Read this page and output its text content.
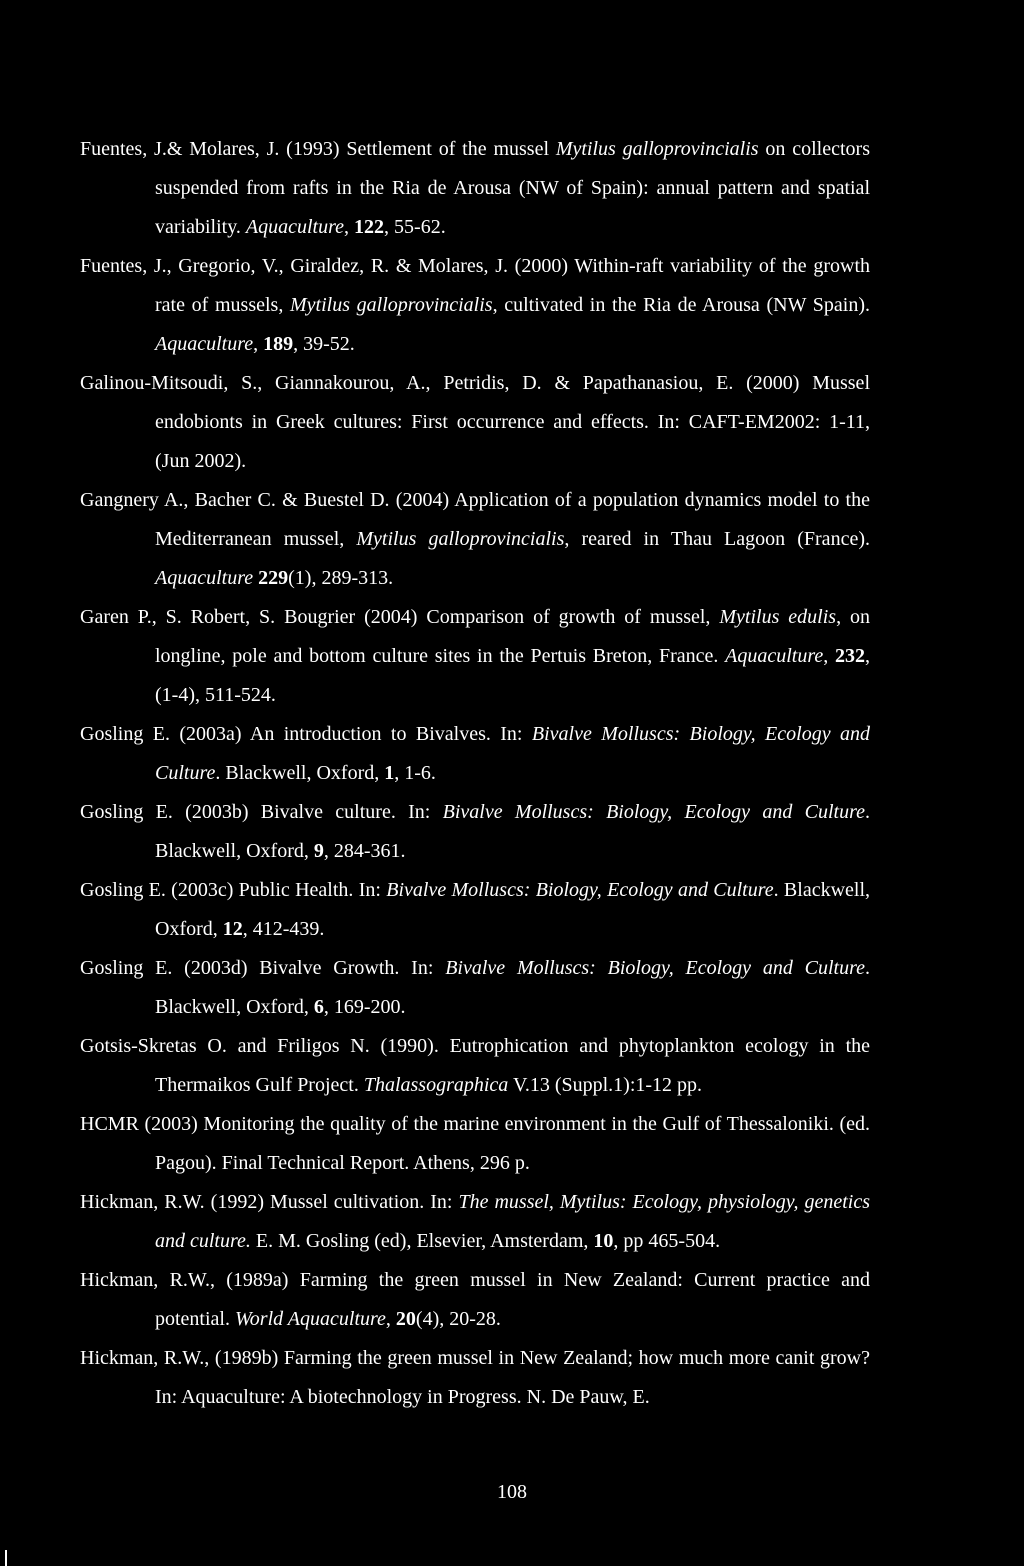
Fuentes, J.& Molares, J. (1993) Settlement of the mussel Mytilus galloprovincialis on collectors suspended from rafts in the Ria de Arousa (NW of Spain): annual pattern and spatial variability. Aquaculture, 122, 55-62.

Fuentes, J., Gregorio, V., Giraldez, R. & Molares, J. (2000) Within-raft variability of the growth rate of mussels, Mytilus galloprovincialis, cultivated in the Ria de Arousa (NW Spain). Aquaculture, 189, 39-52.

Galinou-Mitsoudi, S., Giannakourou, A., Petridis, D. & Papathanasiou, E. (2000) Mussel endobionts in Greek cultures: First occurrence and effects. In: CAFT-EM2002: 1-11, (Jun 2002).

Gangnery A., Bacher C. & Buestel D. (2004) Application of a population dynamics model to the Mediterranean mussel, Mytilus galloprovincialis, reared in Thau Lagoon (France). Aquaculture 229(1), 289-313.

Garen P., S. Robert, S. Bougrier (2004) Comparison of growth of mussel, Mytilus edulis, on longline, pole and bottom culture sites in the Pertuis Breton, France. Aquaculture, 232, (1-4), 511-524.

Gosling E. (2003a) An introduction to Bivalves. In: Bivalve Molluscs: Biology, Ecology and Culture. Blackwell, Oxford, 1, 1-6.

Gosling E. (2003b) Bivalve culture. In: Bivalve Molluscs: Biology, Ecology and Culture. Blackwell, Oxford, 9, 284-361.

Gosling E. (2003c) Public Health. In: Bivalve Molluscs: Biology, Ecology and Culture. Blackwell, Oxford, 12, 412-439.

Gosling E. (2003d) Bivalve Growth. In: Bivalve Molluscs: Biology, Ecology and Culture. Blackwell, Oxford, 6, 169-200.

Gotsis-Skretas O. and Friligos N. (1990). Eutrophication and phytoplankton ecology in the Thermaikos Gulf Project. Thalassographica V.13 (Suppl.1):1-12 pp.

HCMR (2003) Monitoring the quality of the marine environment in the Gulf of Thessaloniki. (ed. Pagou). Final Technical Report. Athens, 296 p.

Hickman, R.W. (1992) Mussel cultivation. In: The mussel, Mytilus: Ecology, physiology, genetics and culture. E. M. Gosling (ed), Elsevier, Amsterdam, 10, pp 465-504.

Hickman, R.W., (1989a) Farming the green mussel in New Zealand: Current practice and potential. World Aquaculture, 20(4), 20-28.

Hickman, R.W., (1989b) Farming the green mussel in New Zealand; how much more canit grow? In: Aquaculture: A biotechnology in Progress. N. De Pauw, E.

108
